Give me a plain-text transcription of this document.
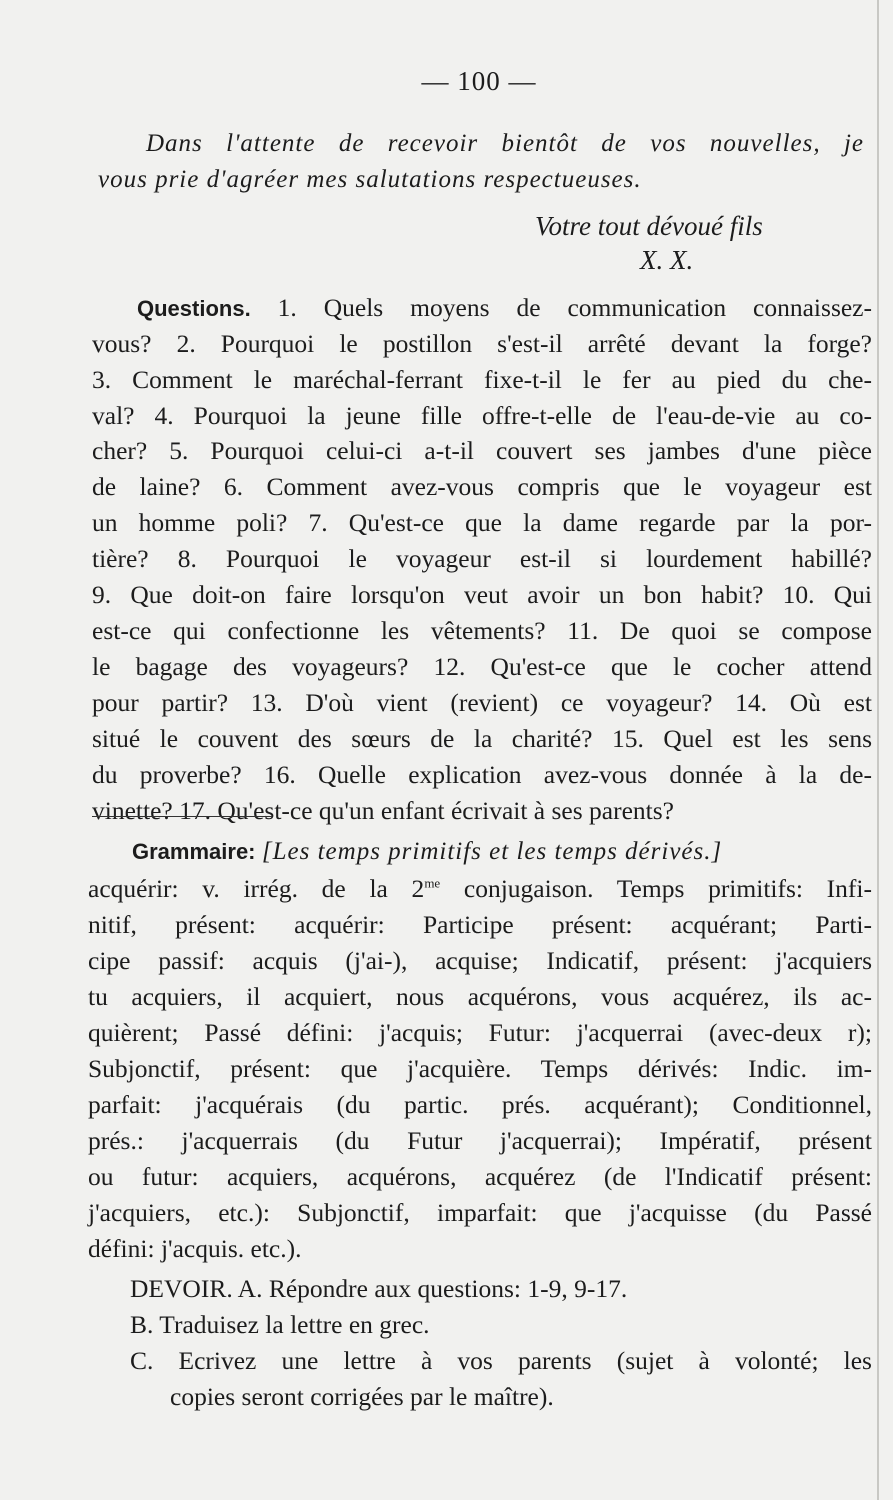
— 100 —
Dans l'attente de recevoir bientôt de vos nouvelles, je
vous prie d'agréer mes salutations respectueuses.
Votre tout dévoué fils
X. X.
Questions. 1. Quels moyens de communication connaissez-
vous? 2. Pourquoi le postillon s'est-il arrêté devant la forge?
3. Comment le maréchal-ferrant fixe-t-il le fer au pied du che-
val? 4. Pourquoi la jeune fille offre-t-elle de l'eau-de-vie au co-
cher? 5. Pourquoi celui-ci a-t-il couvert ses jambes d'une pièce
de laine? 6. Comment avez-vous compris que le voyageur est
un homme poli? 7. Qu'est-ce que la dame regarde par la por-
tière? 8. Pourquoi le voyageur est-il si lourdement habillé?
9. Que doit-on faire lorsqu'on veut avoir un bon habit? 10. Qui
est-ce qui confectionne les vêtements? 11. De quoi se compose
le bagage des voyageurs? 12. Qu'est-ce que le cocher attend
pour partir? 13. D'où vient (revient) ce voyageur? 14. Où est
situé le couvent des sœurs de la charité? 15. Quel est les sens
du proverbe? 16. Quelle explication avez-vous donnée à la de-
vinette? 17. Qu'est-ce qu'un enfant écrivait à ses parents?
Grammaire: [Les temps primitifs et les temps dérivés.]
acquérir: v. irrég. de la $2^{me}$ conjugaison. Temps primitifs: Infi-
nitif, présent: acquérir: Participe présent: acquérant; Parti-
cipe passif: acquis (j'ai-), acquise; Indicatif, présent: j'acquiers
tu acquiers, il acquiert, nous acquérons, vous acquérez, ils ac-
quièrent; Passé défini: j'acquis; Futur: j'acquerrai (avec-deux r);
Subjonctif, présent: que j'acquière. Temps dérivés: Indic. im-
parfait: j'acquérais (du partic. prés. acquérant); Conditionnel,
prés.: j'acquerrais (du Futur j'acquerrai); Impératif, présent
ou futur: acquiers, acquérons, acquérez (de l'Indicatif présent:
j'acquiers, etc.): Subjonctif, imparfait: que j'acquisse (du Passé
défini: j'acquis. etc.).
DEVOIR. A. Répondre aux questions: 1-9, 9-17.
B. Traduisez la lettre en grec.
C. Ecrivez une lettre à vos parents (sujet à volonté; les
copies seront corrigées par le maître).
